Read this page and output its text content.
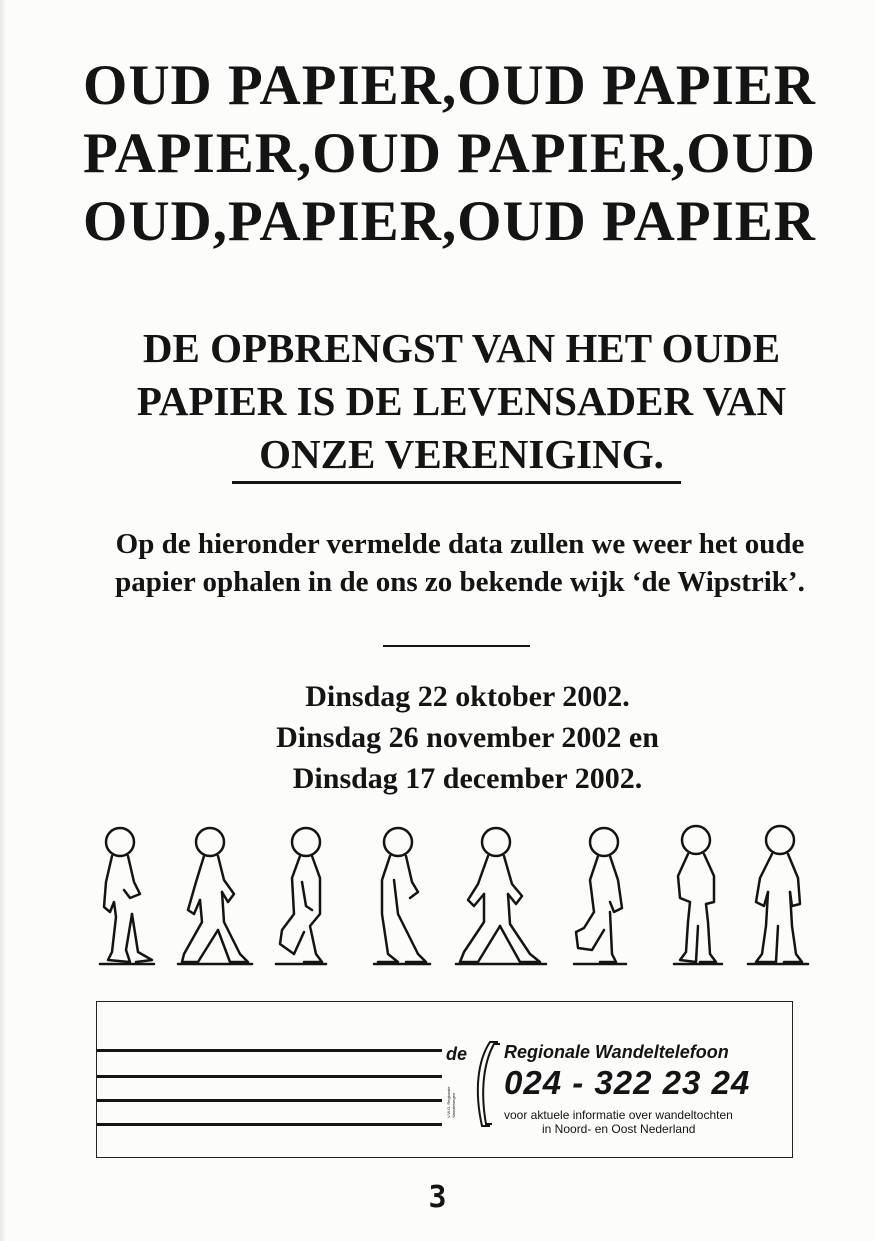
OUD PAPIER,OUD PAPIER
PAPIER,OUD PAPIER,OUD
OUD,PAPIER,OUD PAPIER
DE OPBRENGST VAN HET OUDE
PAPIER IS DE LEVENSADER VAN
ONZE VERENIGING.
Op de hieronder vermelde data zullen we weer het oude papier ophalen in de ons zo bekende wijk ‘de Wipstrik’.
Dinsdag 22 oktober 2002.
Dinsdag 26 november 2002 en
Dinsdag 17 december 2002.
de
V.W.O. Regionale Wandelwegen
Regionale Wandeltelefoon
024 - 322 23 24
voor aktuele informatie over wandeltochten
in Noord- en Oost Nederland
3
